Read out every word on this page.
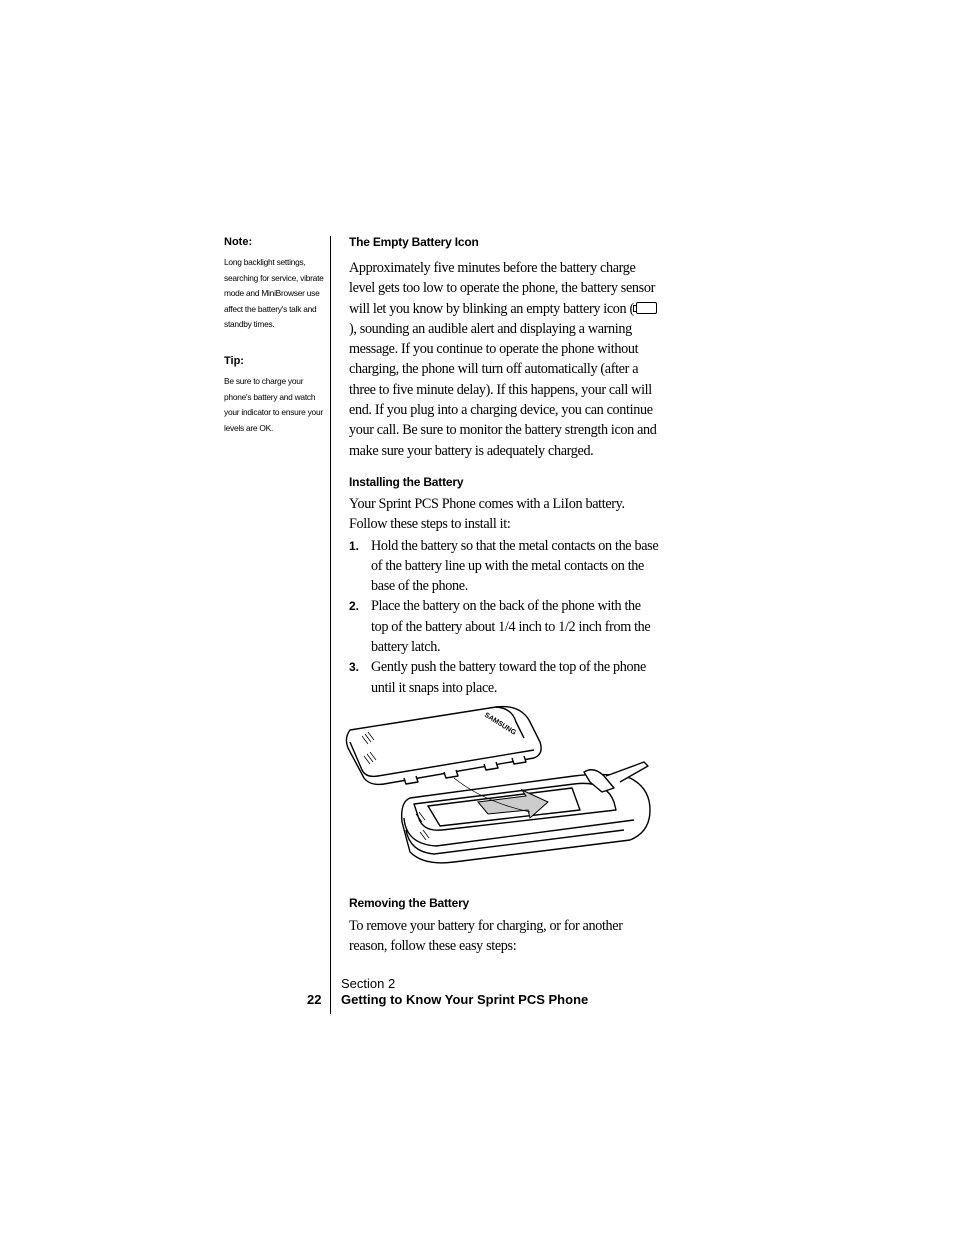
Note:

Long backlight settings, searching for service, vibrate mode and MiniBrowser use affect the battery's talk and standby times.

Tip:

Be sure to charge your phone's battery and watch your indicator to ensure your levels are OK.

The Empty Battery Icon

Approximately five minutes before the battery charge level gets too low to operate the phone, the battery sensor will let you know by blinking an empty battery icon (), sounding an audible alert and displaying a warning message. If you continue to operate the phone without charging, the phone will turn off automatically (after a three to five minute delay). If this happens, your call will end. If you plug into a charging device, you can continue your call. Be sure to monitor the battery strength icon and make sure your battery is adequately charged.

Installing the Battery

Your Sprint PCS Phone comes with a LiIon battery. Follow these steps to install it:

1. Hold the battery so that the metal contacts on the base of the battery line up with the metal contacts on the base of the phone.
2. Place the battery on the back of the phone with the top of the battery about 1/4 inch to 1/2 inch from the battery latch.
3. Gently push the battery toward the top of the phone until it snaps into place.
SAMSUNG

Removing the Battery

To remove your battery for charging, or for another reason, follow these easy steps:

22
Section 2
Getting to Know Your Sprint PCS Phone
